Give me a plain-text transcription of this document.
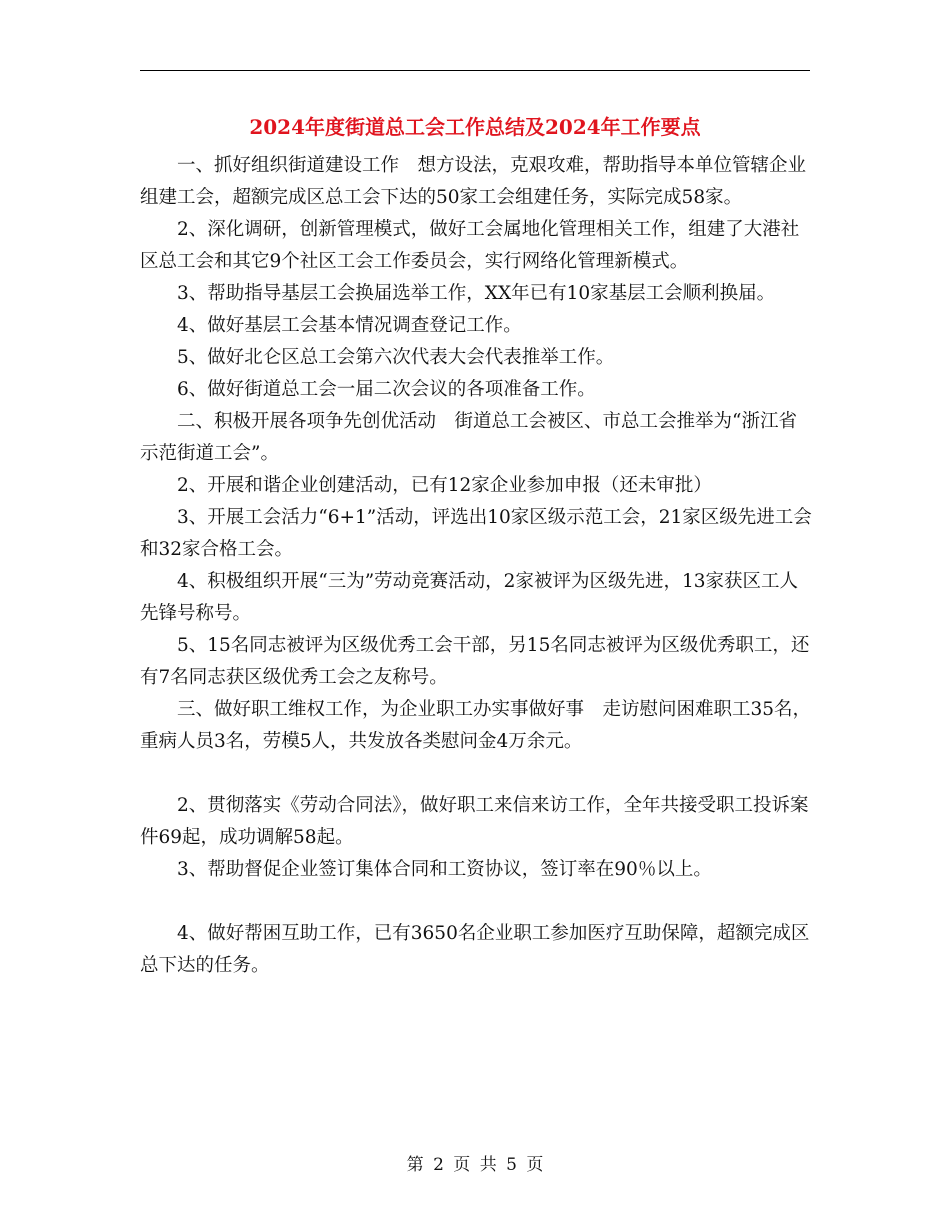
2024年度街道总工会工作总结及2024年工作要点

一、抓好组织街道建设工作　想方设法，克艰攻难，帮助指导本单位管辖企业组建工会，超额完成区总工会下达的50家工会组建任务，实际完成58家。

2、深化调研，创新管理模式，做好工会属地化管理相关工作，组建了大港社区总工会和其它9个社区工会工作委员会，实行网络化管理新模式。

3、帮助指导基层工会换届选举工作，XX年已有10家基层工会顺利换届。

4、做好基层工会基本情况调查登记工作。

5、做好北仑区总工会第六次代表大会代表推举工作。

6、做好街道总工会一届二次会议的各项准备工作。

二、积极开展各项争先创优活动　街道总工会被区、市总工会推举为“浙江省示范街道工会”。

2、开展和谐企业创建活动，已有12家企业参加申报（还未审批）

3、开展工会活力“6+1”活动，评选出10家区级示范工会，21家区级先进工会和32家合格工会。

4、积极组织开展“三为”劳动竞赛活动，2家被评为区级先进，13家获区工人先锋号称号。

5、15名同志被评为区级优秀工会干部，另15名同志被评为区级优秀职工，还有7名同志获区级优秀工会之友称号。

三、做好职工维权工作，为企业职工办实事做好事　走访慰问困难职工35名，重病人员3名，劳模5人，共发放各类慰问金4万余元。

2、贯彻落实《劳动合同法》，做好职工来信来访工作，全年共接受职工投诉案件69起，成功调解58起。

3、帮助督促企业签订集体合同和工资协议，签订率在90％以上。

4、做好帮困互助工作，已有3650名企业职工参加医疗互助保障，超额完成区总下达的任务。

第 2 页 共 5 页
